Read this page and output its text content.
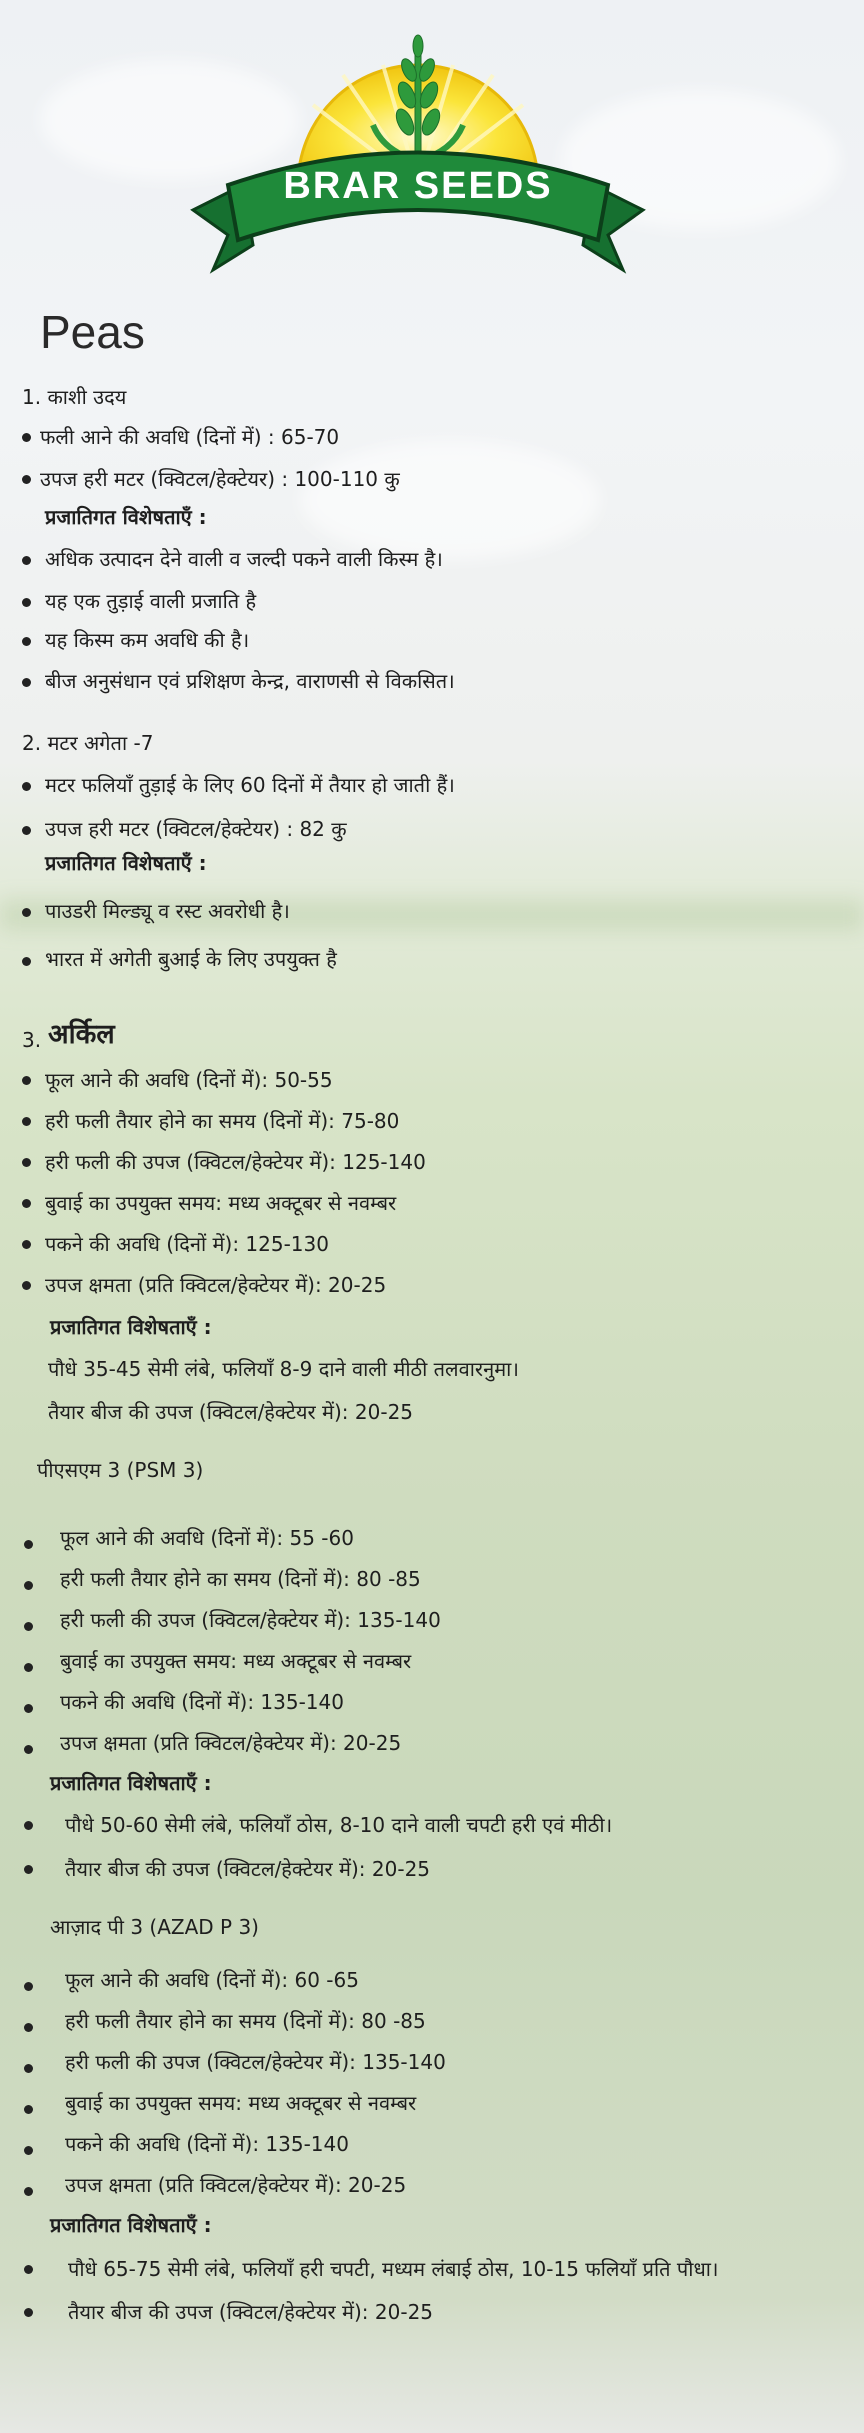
BRAR SEEDS
Peas
1. काशी उदय
फली आने की अवधि (दिनों में) : 65-70
उपज हरी मटर (क्विटल/हेक्टेयर) : 100-110 कु
प्रजातिगत विशेषताएँ :
अधिक उत्पादन देने वाली व जल्दी पकने वाली किस्म है।
यह एक तुड़ाई वाली प्रजाति है
यह किस्म कम अवधि की है।
बीज अनुसंधान एवं प्रशिक्षण केन्द्र, वाराणसी से विकसित।
2. मटर अगेता -7
मटर फलियाँ तुड़ाई के लिए 60 दिनों में तैयार हो जाती हैं।
उपज हरी मटर (क्विटल/हेक्टेयर) : 82 कु
प्रजातिगत विशेषताएँ :
पाउडरी मिल्ड्यू व रस्ट अवरोधी है।
भारत में अगेती बुआई के लिए उपयुक्त है
3. अर्किल
फूल आने की अवधि (दिनों में): 50-55
हरी फली तैयार होने का समय (दिनों में): 75-80
हरी फली की उपज (क्विटल/हेक्टेयर में): 125-140
बुवाई का उपयुक्त समय: मध्य अक्टूबर से नवम्बर
पकने की अवधि (दिनों में): 125-130
उपज क्षमता (प्रति क्विटल/हेक्टेयर में): 20-25
प्रजातिगत विशेषताएँ :
पौधे 35-45 सेमी लंबे, फलियाँ 8-9 दाने वाली मीठी तलवारनुमा।
तैयार बीज की उपज (क्विटल/हेक्टेयर में): 20-25
पीएसएम 3 (PSM 3)
फूल आने की अवधि (दिनों में): 55 -60
हरी फली तैयार होने का समय (दिनों में): 80 -85
हरी फली की उपज (क्विटल/हेक्टेयर में): 135-140
बुवाई का उपयुक्त समय: मध्य अक्टूबर से नवम्बर
पकने की अवधि (दिनों में): 135-140
उपज क्षमता (प्रति क्विटल/हेक्टेयर में): 20-25
प्रजातिगत विशेषताएँ :
पौधे 50-60 सेमी लंबे, फलियाँ ठोस, 8-10 दाने वाली चपटी हरी एवं मीठी।
तैयार बीज की उपज (क्विटल/हेक्टेयर में): 20-25
आज़ाद पी 3 (AZAD P 3)
फूल आने की अवधि (दिनों में): 60 -65
हरी फली तैयार होने का समय (दिनों में): 80 -85
हरी फली की उपज (क्विटल/हेक्टेयर में): 135-140
बुवाई का उपयुक्त समय: मध्य अक्टूबर से नवम्बर
पकने की अवधि (दिनों में): 135-140
उपज क्षमता (प्रति क्विटल/हेक्टेयर में): 20-25
प्रजातिगत विशेषताएँ :
पौधे 65-75 सेमी लंबे, फलियाँ हरी चपटी, मध्यम लंबाई ठोस, 10-15 फलियाँ प्रति पौधा।
तैयार बीज की उपज (क्विटल/हेक्टेयर में): 20-25
